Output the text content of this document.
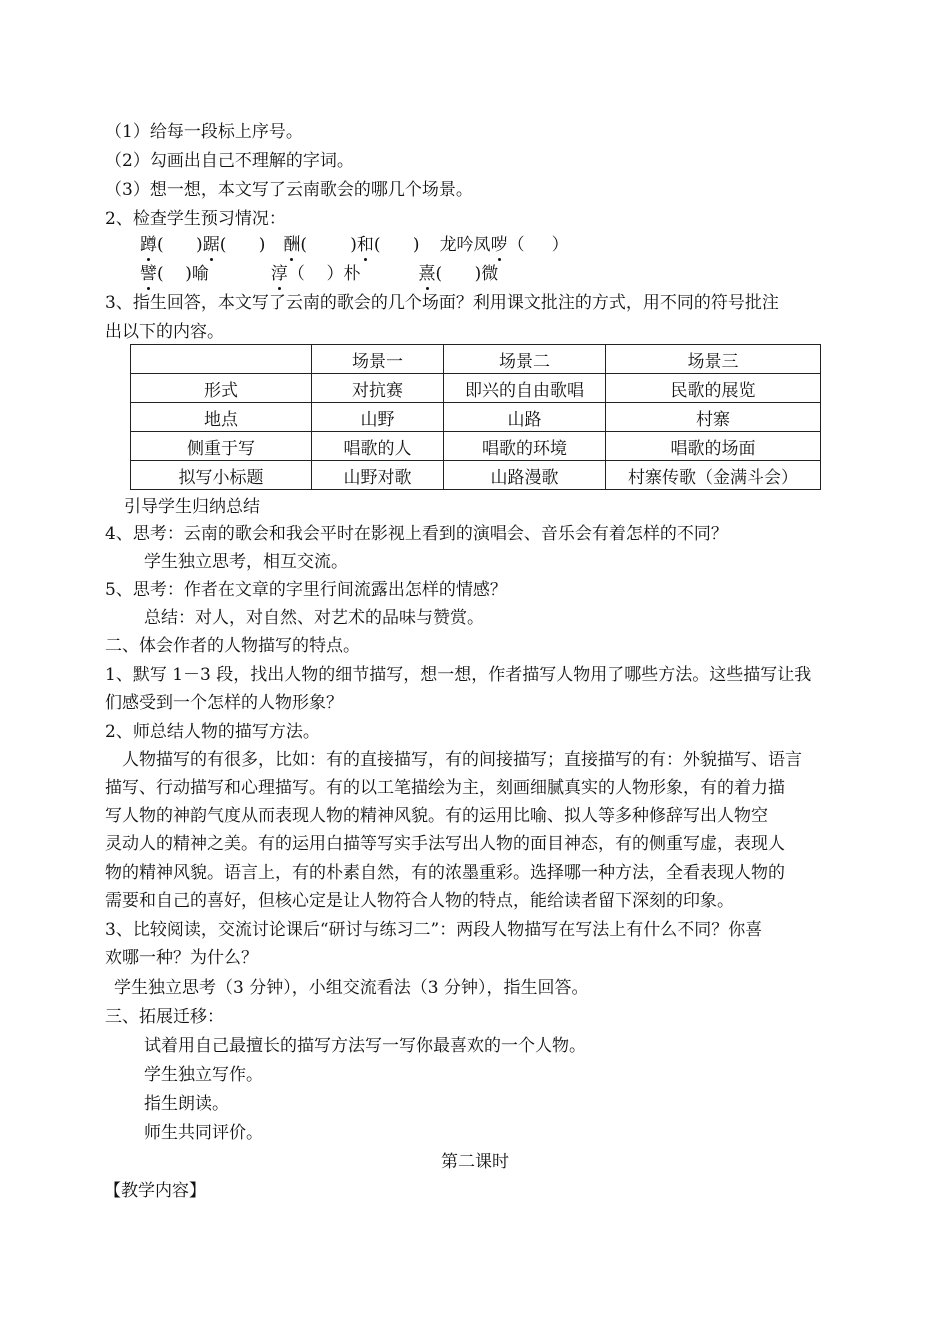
（1）给每一段标上序号。
（2）勾画出自己不理解的字词。
（3）想一想，本文写了云南歌会的哪几个场景。
2、检查学生预习情况：
蹲(      )踞(      ) 酬(        )和(      ) 龙吟凤哕（     ）
譬(    )喻	淳（    ）朴	熹(      )微
3、指生回答，本文写了云南的歌会的几个场面？利用课文批注的方式，用不同的符号批注
出以下的内容。
	场景一	场景二	场景三
形式	对抗赛	即兴的自由歌唱	民歌的展览
地点	山野	山路	村寨
侧重于写	唱歌的人	唱歌的环境	唱歌的场面
拟写小标题	山野对歌	山路漫歌	村寨传歌（金满斗会）
引导学生归纳总结
4、思考：云南的歌会和我会平时在影视上看到的演唱会、音乐会有着怎样的不同？
学生独立思考，相互交流。
5、思考：作者在文章的字里行间流露出怎样的情感？
总结：对人，对自然、对艺术的品味与赞赏。
二、体会作者的人物描写的特点。
1、默写 1－3 段，找出人物的细节描写，想一想，作者描写人物用了哪些方法。这些描写让我
们感受到一个怎样的人物形象？
2、师总结人物的描写方法。
人物描写的有很多，比如：有的直接描写，有的间接描写；直接描写的有：外貌描写、语言
描写、行动描写和心理描写。有的以工笔描绘为主，刻画细腻真实的人物形象，有的着力描
写人物的神韵气度从而表现人物的精神风貌。有的运用比喻、拟人等多种修辞写出人物空
灵动人的精神之美。有的运用白描等写实手法写出人物的面目神态，有的侧重写虚，表现人
物的精神风貌。语言上，有的朴素自然，有的浓墨重彩。选择哪一种方法，全看表现人物的
需要和自己的喜好，但核心定是让人物符合人物的特点，能给读者留下深刻的印象。
3、比较阅读，交流讨论课后“研讨与练习二”：两段人物描写在写法上有什么不同？你喜
欢哪一种？为什么？
学生独立思考（3 分钟），小组交流看法（3 分钟），指生回答。
三、拓展迁移：
试着用自己最擅长的描写方法写一写你最喜欢的一个人物。
学生独立写作。
指生朗读。
师生共同评价。
第二课时
【教学内容】
